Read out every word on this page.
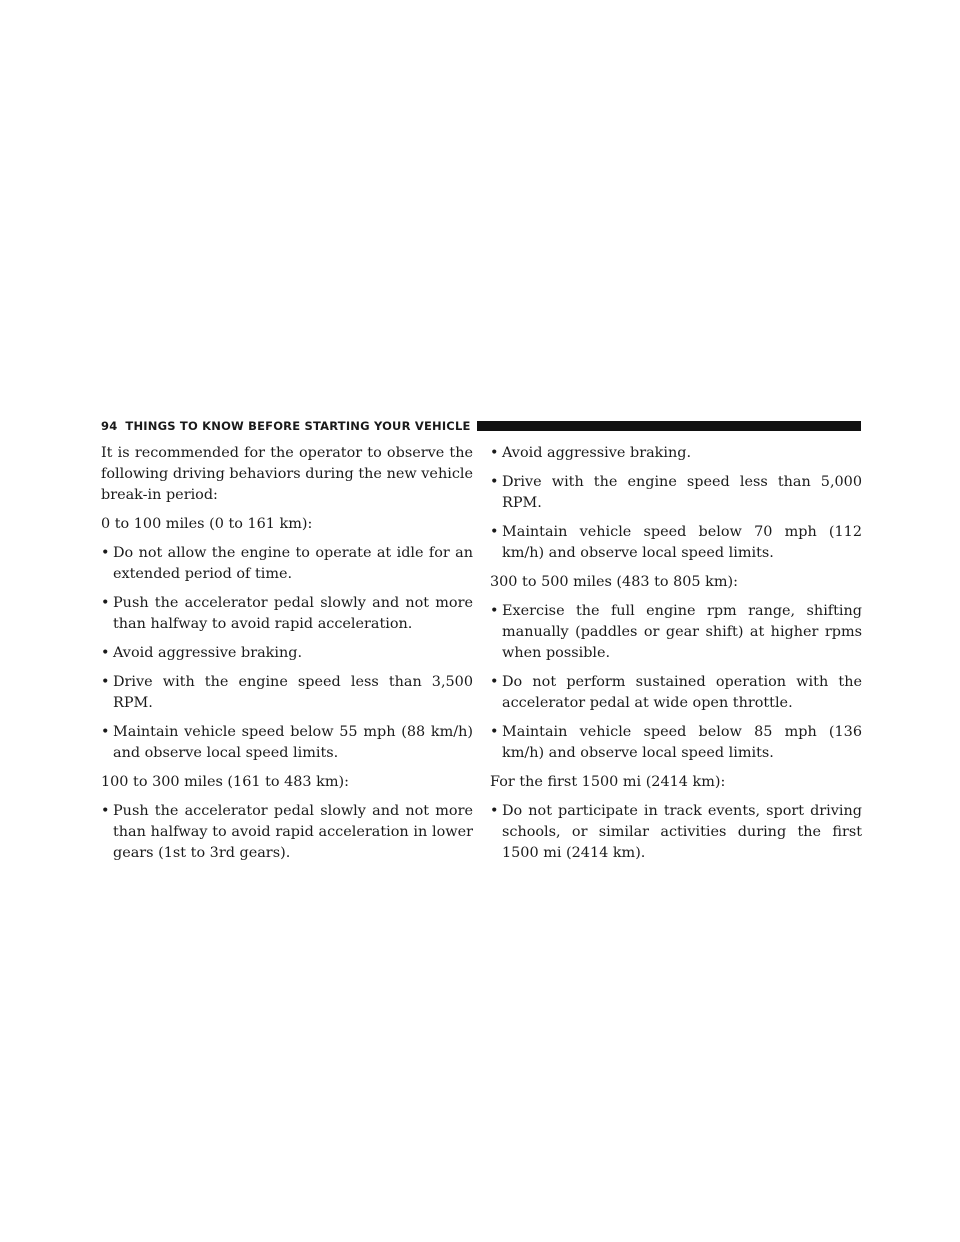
94 THINGS TO KNOW BEFORE STARTING YOUR VEHICLE

It is recommended for the operator to observe the following driving behaviors during the new vehicle break-in period:

0 to 100 miles (0 to 161 km):

• Do not allow the engine to operate at idle for an extended period of time.
• Push the accelerator pedal slowly and not more than halfway to avoid rapid acceleration.
• Avoid aggressive braking.
• Drive with the engine speed less than 3,500 RPM.
• Maintain vehicle speed below 55 mph (88 km/h) and observe local speed limits.

100 to 300 miles (161 to 483 km):

• Push the accelerator pedal slowly and not more than halfway to avoid rapid acceleration in lower gears (1st to 3rd gears).
• Avoid aggressive braking.
• Drive with the engine speed less than 5,000 RPM.
• Maintain vehicle speed below 70 mph (112 km/h) and observe local speed limits.

300 to 500 miles (483 to 805 km):

• Exercise the full engine rpm range, shifting manually (paddles or gear shift) at higher rpms when possible.
• Do not perform sustained operation with the accelerator pedal at wide open throttle.
• Maintain vehicle speed below 85 mph (136 km/h) and observe local speed limits.

For the first 1500 mi (2414 km):

• Do not participate in track events, sport driving schools, or similar activities during the first 1500 mi (2414 km).
